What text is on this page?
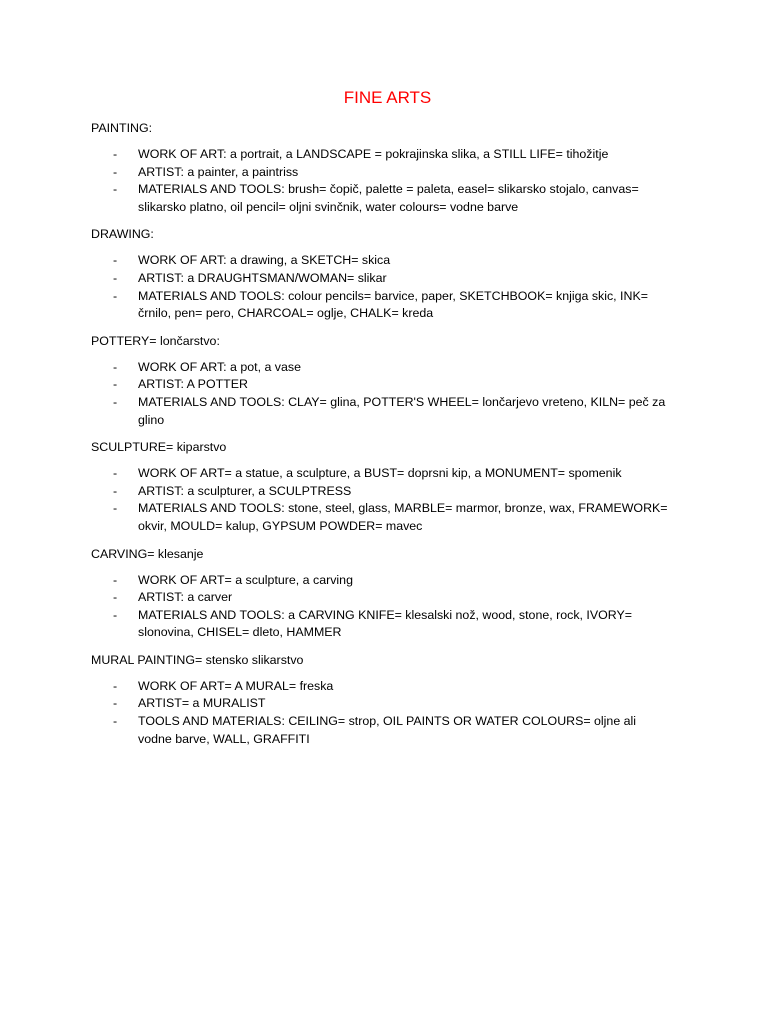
FINE ARTS
PAINTING:
- WORK OF ART: a portrait, a LANDSCAPE = pokrajinska slika, a STILL LIFE= tihožitje
- ARTIST: a painter, a paintriss
- MATERIALS AND TOOLS: brush= čopič, palette = paleta, easel= slikarsko stojalo, canvas= slikarsko platno, oil pencil= oljni svinčnik, water colours= vodne barve
DRAWING:
- WORK OF ART: a drawing, a SKETCH= skica
- ARTIST: a DRAUGHTSMAN/WOMAN= slikar
- MATERIALS AND TOOLS: colour pencils= barvice, paper, SKETCHBOOK= knjiga skic, INK= črnilo, pen= pero, CHARCOAL= oglje, CHALK= kreda
POTTERY= lončarstvo:
- WORK OF ART: a pot, a vase
- ARTIST: A POTTER
- MATERIALS AND TOOLS: CLAY= glina, POTTER'S WHEEL= lončarjevo vreteno, KILN= peč za glino
SCULPTURE= kiparstvo
- WORK OF ART= a statue, a sculpture, a BUST= doprsni kip, a MONUMENT= spomenik
- ARTIST: a sculpturer, a SCULPTRESS
- MATERIALS AND TOOLS: stone, steel, glass, MARBLE= marmor, bronze, wax, FRAMEWORK= okvir, MOULD= kalup, GYPSUM POWDER= mavec
CARVING= klesanje
- WORK OF ART= a sculpture, a carving
- ARTIST: a carver
- MATERIALS AND TOOLS: a CARVING KNIFE= klesalski nož, wood, stone, rock, IVORY= slonovina, CHISEL= dleto, HAMMER
MURAL PAINTING= stensko slikarstvo
- WORK OF ART= A MURAL= freska
- ARTIST= a MURALIST
- TOOLS AND MATERIALS: CEILING= strop, OIL PAINTS OR WATER COLOURS= oljne ali vodne barve, WALL, GRAFFITI
